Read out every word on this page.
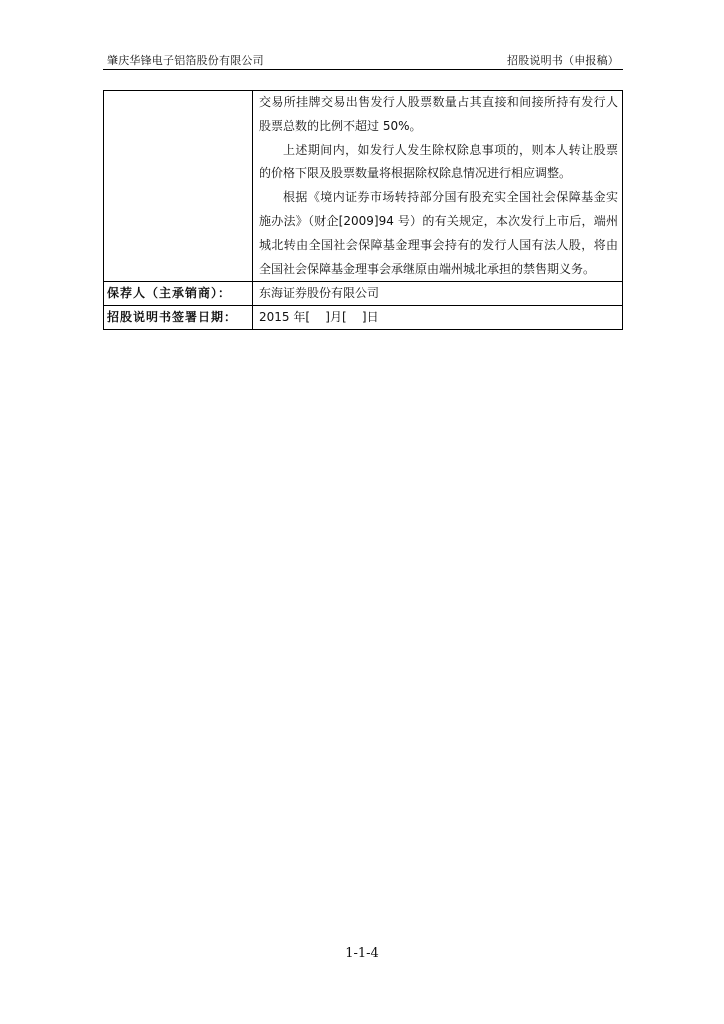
肇庆华锋电子铝箔股份有限公司	招股说明书（申报稿）

	交易所挂牌交易出售发行人股票数量占其直接和间接所持有发行人股票总数的比例不超过 50%。
上述期间内，如发行人发生除权除息事项的，则本人转让股票的价格下限及股票数量将根据除权除息情况进行相应调整。
根据《境内证券市场转持部分国有股充实全国社会保障基金实施办法》（财企[2009]94 号）的有关规定，本次发行上市后，端州城北转由全国社会保障基金理事会持有的发行人国有法人股，将由全国社会保障基金理事会承继原由端州城北承担的禁售期义务。

保荐人（主承销商）：	东海证券股份有限公司

招股说明书签署日期：	2015 年[    ]月[    ]日
1-1-4
